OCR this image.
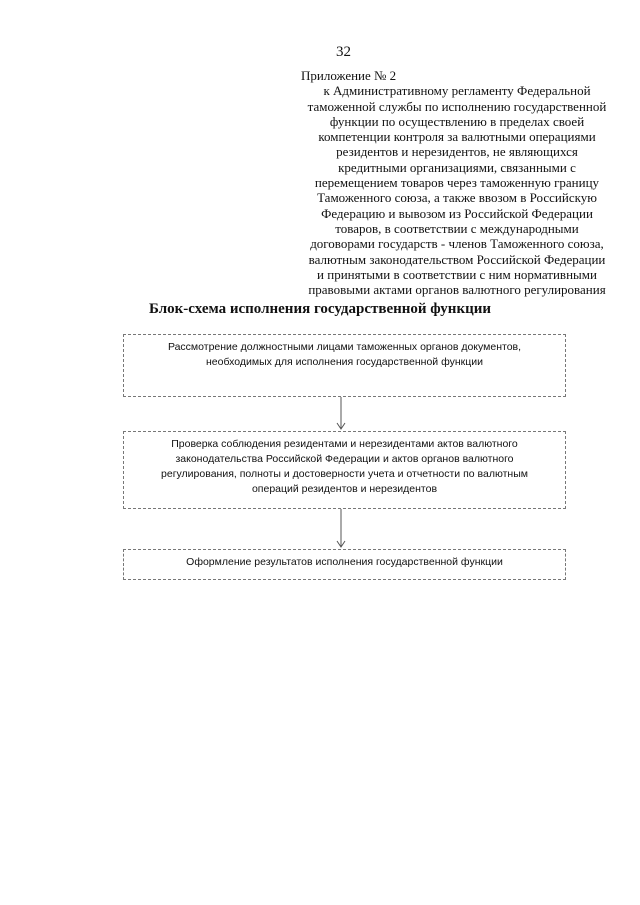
32
Приложение № 2
к Административному регламенту Федеральной
таможенной службы по исполнению государственной
функции по осуществлению в пределах своей
компетенции контроля за валютными операциями
резидентов и нерезидентов, не являющихся
кредитными организациями, связанными с
перемещением товаров через таможенную границу
Таможенного союза, а также ввозом в Российскую
Федерацию и вывозом из Российской Федерации
товаров, в соответствии с международными
договорами государств - членов Таможенного союза,
валютным законодательством Российской Федерации
и принятыми в соответствии с ним нормативными
правовыми актами органов валютного регулирования
Блок-схема исполнения государственной функции
Рассмотрение должностными лицами таможенных органов документов,
необходимых для исполнения государственной функции
Проверка соблюдения резидентами и нерезидентами актов валютного
законодательства Российской Федерации и актов органов валютного
регулирования, полноты и достоверности учета и отчетности по валютным
операций резидентов и нерезидентов
Оформление результатов исполнения государственной функции
